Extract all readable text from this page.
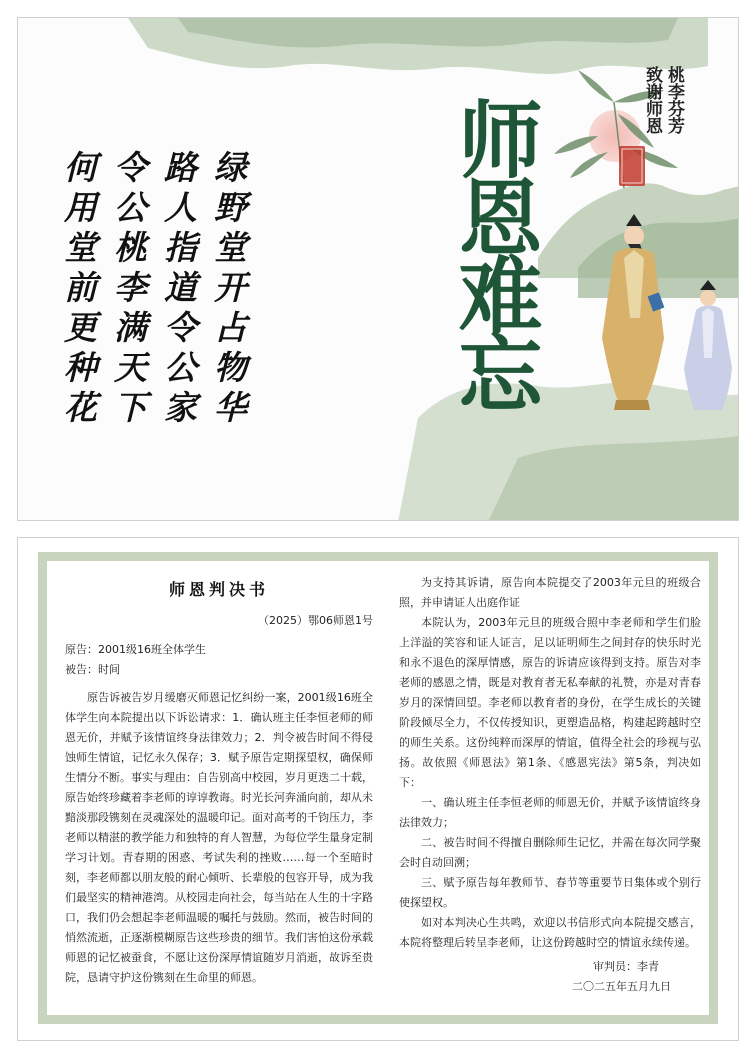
绿野堂开占物华

路人指道令公家

令公桃李满天下

何用堂前更种花	师恩难忘	桃李芬芳
致谢师恩
师恩判决书

（2025）鄂06师恩1号

原告：2001级16班全体学生

被告：时间

原告诉被告岁月缓磨灭师恩记忆纠纷一案，2001级16班全体学生向本院提出以下诉讼请求：1．确认班主任李恒老师的师恩无价，并赋予该情谊终身法律效力；2．判令被告时间不得侵蚀师生情谊，记忆永久保存；3．赋予原告定期探望权，确保师生情分不断。事实与理由：自告别高中校园，岁月更迭二十载，原告始终珍藏着李老师的谆谆教诲。时光长河奔涌向前，却从未黯淡那段镌刻在灵魂深处的温暖印记。面对高考的千钧压力，李老师以精湛的教学能力和独特的育人智慧，为每位学生量身定制学习计划。青春期的困惑、考试失利的挫败……每一个至暗时刻，李老师都以朋友般的耐心倾听、长辈般的包容开导，成为我们最坚实的精神港湾。从校园走向社会，每当站在人生的十字路口，我们仍会想起李老师温暖的嘱托与鼓励。然而，被告时间的悄然流逝，正逐渐模糊原告这些珍贵的细节。我们害怕这份承载师恩的记忆被蚕食，不愿让这份深厚情谊随岁月消逝，故诉至贵院，恳请守护这份镌刻在生命里的师恩。

为支持其诉请，原告向本院提交了2003年元旦的班级合照，并申请证人出庭作证

本院认为，2003年元旦的班级合照中李老师和学生们脸上洋溢的笑容和证人证言，足以证明师生之间封存的快乐时光和永不退色的深厚情感，原告的诉请应该得到支持。原告对李老师的感恩之情，既是对教育者无私奉献的礼赞，亦是对青春岁月的深情回望。李老师以教育者的身份，在学生成长的关键阶段倾尽全力，不仅传授知识，更塑造品格，构建起跨越时空的师生关系。这份纯粹而深厚的情谊，值得全社会的珍视与弘扬。故依照《师恩法》第1条、《感恩宪法》第5条，判决如下：

一、确认班主任李恒老师的师恩无价，并赋予该情谊终身法律效力；

二、被告时间不得擅自删除师生记忆，并需在每次同学聚会时自动回溯；

三、赋予原告每年教师节、春节等重要节日集体或个别行使探望权。

如对本判决心生共鸣，欢迎以书信形式向本院提交感言，本院将整理后转呈李老师，让这份跨越时空的情谊永续传递。

审判员：李青

二〇二五年五月九日
